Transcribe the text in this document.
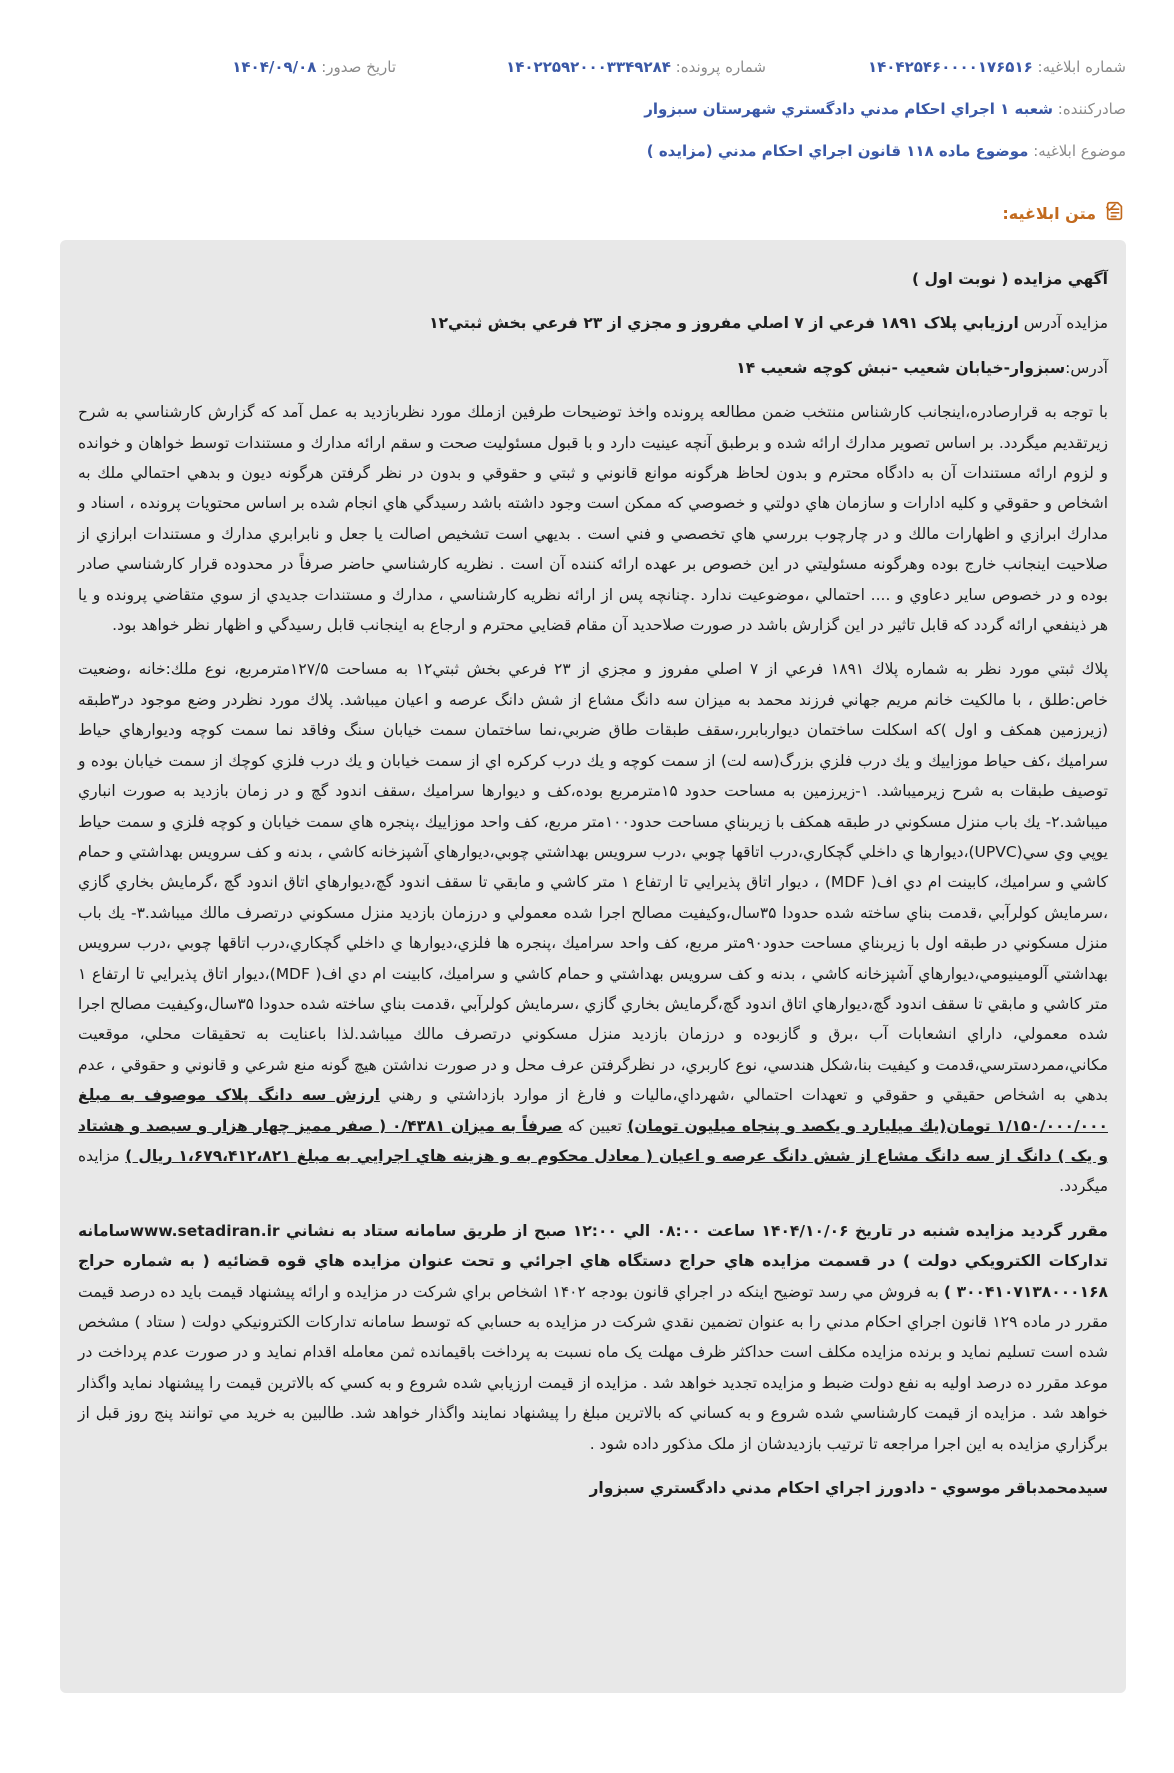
شماره ابلاغيه: ۱۴۰۴۲۵۴۶۰۰۰۰۱۷۶۵۱۶
شماره پرونده: ۱۴۰۲۲۵۹۲۰۰۰۳۳۴۹۲۸۴
تاريخ صدور: ۱۴۰۴/۰۹/۰۸
صادرکننده: شعبه ۱ اجراي احکام مدني دادگستري شهرستان سبزوار
موضوع ابلاغيه: موضوع ماده ۱۱۸ قانون اجراي احکام مدني (مزايده )
متن ابلاغيه:

آگهي مزايده ( نوبت اول )

مزايده آدرس ارزيابي پلاک ۱۸۹۱ فرعي از ۷ اصلي مفروز و مجزي از ۲۳ فرعي بخش ثبتي۱۲

آدرس:سبزوار-خيابان شعيب -نبش کوچه شعيب ۱۴

با توجه به قرارصادره،اينجانب کارشناس منتخب ضمن مطالعه پرونده واخذ توضيحات طرفين ازملك مورد نظربازديد به عمل آمد كه گزارش كارشناسي به شرح زيرتقديم ميگردد. بر اساس تصوير مدارك ارائه شده و برطبق آنچه عينيت دارد و با قبول مسئوليت صحت و سقم ارائه مدارك و مستندات توسط خواهان و خوانده و لزوم ارائه مستندات آن به دادگاه محترم و بدون لحاظ هرگونه موانع قانوني و ثبتي و حقوقي و بدون در نظر گرفتن هرگونه ديون و بدهي احتمالي ملك به اشخاص و حقوقي و كليه ادارات و سازمان هاي دولتي و خصوصي كه ممكن است وجود داشته باشد رسيدگي هاي انجام شده بر اساس محتويات پرونده ، اسناد و مدارك ابرازي و اظهارات مالك و در چارچوب بررسي هاي تخصصي و فني است . بديهي است تشخيص اصالت يا جعل و نابرابري مدارك و مستندات ابرازي از صلاحيت اينجانب خارج بوده وهرگونه مسئوليتي در اين خصوص بر عهده ارائه كننده آن است . نظريه كارشناسي حاضر صرفاً در محدوده قرار كارشناسي صادر بوده و در خصوص ساير دعاوي و .... احتمالي ،موضوعيت ندارد .چنانچه پس از ارائه نظريه كارشناسي ، مدارك و مستندات جديدي از سوي متقاضي پرونده و يا هر ذينفعي ارائه گردد كه قابل تاثير در اين گزارش باشد در صورت صلاحديد آن مقام قضايي محترم و ارجاع به اينجانب قابل رسيدگي و اظهار نظر خواهد بود.

پلاك ثبتي مورد نظر به شماره پلاك ۱۸۹۱ فرعي از ۷ اصلي مفروز و مجزي از ۲۳ فرعي بخش ثبتي۱۲ به مساحت ۱۲۷/۵مترمربع، نوع ملك:خانه ،وضعيت خاص:طلق ، با مالكيت خانم مريم جهاني فرزند محمد به ميزان سه دانگ مشاع از شش دانگ عرصه و اعيان ميباشد. پلاك مورد نظردر وضع موجود در۳طبقه (زيرزمين همكف و اول )كه اسكلت ساختمان ديواربابرر،سقف طبقات طاق ضربي،نما ساختمان سمت خيابان سنگ وفاقد نما سمت كوچه وديوارهاي حياط سراميك ،كف حياط موزاييك و يك درب فلزي بزرگ(سه لت) از سمت كوچه و يك درب كركره اي از سمت خيابان و يك درب فلزي كوچك از سمت خيابان بوده و توصيف طبقات به شرح زيرميباشد. ۱-زيرزمين به مساحت حدود ۱۵مترمربع بوده،كف و ديوارها سراميك ،سقف اندود گچ و در زمان بازديد به صورت انباري ميباشد.۲- يك باب منزل مسكوني در طبقه همكف با زيربناي مساحت حدود۱۰۰متر مربع، كف واحد موزاييك ،پنجره هاي سمت خيابان و كوچه فلزي و سمت حياط يوپي وي سي(UPVC)،ديوارها ي داخلي گچكاري،درب اتاقها چوبي ،درب سرويس بهداشتي چوبي،ديوارهاي آشپزخانه كاشي ، بدنه و كف سرويس بهداشتي و حمام كاشي و سراميك، كابينت ام دي اف( MDF) ، ديوار اتاق پذيرايي تا ارتفاع ۱ متر كاشي و مابقي تا سقف اندود گچ،ديوارهاي اتاق اندود گچ ،گرمايش بخاري گازي ،سرمايش كولرآبي ،قدمت بناي ساخته شده حدودا ۳۵سال،وكيفيت مصالح اجرا شده معمولي و درزمان بازديد منزل مسكوني درتصرف مالك ميباشد.۳- يك باب منزل مسكوني در طبقه اول با زيربناي مساحت حدود۹۰متر مربع، كف واحد سراميك ،پنجره ها فلزي،ديوارها ي داخلي گچكاري،درب اتاقها چوبي ،درب سرويس بهداشتي آلومينيومي،ديوارهاي آشپزخانه كاشي ، بدنه و كف سرويس بهداشتي و حمام كاشي و سراميك، كابينت ام دي اف( MDF)،ديوار اتاق پذيرايي تا ارتفاع ۱ متر كاشي و مابقي تا سقف اندود گچ،ديوارهاي اتاق اندود گچ،گرمايش بخاري گازي ،سرمايش كولرآبي ،قدمت بناي ساخته شده حدودا ۳۵سال،وكيفيت مصالح اجرا شده معمولي، داراي انشعابات آب ،برق و گازبوده و درزمان بازديد منزل مسكوني درتصرف مالك ميباشد.لذا باعنايت به تحقيقات محلي، موقعيت مكاني،ممردسترسي،قدمت و كيفيت بنا،شكل هندسي، نوع كاربري، در نظرگرفتن عرف محل و در صورت نداشتن هيچ گونه منع شرعي و قانوني و حقوقي ، عدم بدهي به اشخاص حقيقي و حقوقي و تعهدات احتمالي ،شهرداي،ماليات و فارغ از موارد بازداشتي و رهني ارزش سه دانگ پلاک موصوف به مبلغ ۱/۱۵۰/۰۰۰/۰۰۰ تومان(يك ميليارد و يكصد و پنجاه ميليون تومان) تعيين که صرفاً به ميزان ۰/۴۳۸۱ ( صفر مميز چهار هزار و سيصد و هشتاد و يک ) دانگ از سه دانگ مشاع از شش دانگ عرصه و اعيان ( معادل محکوم به و هزينه هاي اجرايي به مبلغ ۱،۶۷۹،۴۱۲،۸۲۱ ريال ) مزايده ميگردد.

مقرر گرديد مزايده شنبه در تاريخ ۱۴۰۴/۱۰/۰۶ ساعت ۰۸:۰۰ الي ۱۲:۰۰ صبح از طريق سامانه ستاد به نشاني www.setadiran.irسامانه تدارکات الکترويکي دولت ) در قسمت مزايده هاي حراج دستگاه هاي اجرائي و تحت عنوان مزايده هاي قوه قضائيه ( به شماره حراج ۳۰۰۴۱۰۷۱۳۸۰۰۰۱۶۸ ) به فروش مي رسد توضيح اينکه در اجراي قانون بودجه ۱۴۰۲ اشخاص براي شرکت در مزايده و ارائه پيشنهاد قيمت بايد ده درصد قيمت مقرر در ماده ۱۲۹ قانون اجراي احکام مدني را به عنوان تضمين نقدي شرکت در مزايده به حسابي که توسط سامانه تدارکات الکترونيکي دولت ( ستاد ) مشخص شده است تسليم نمايد و برنده مزايده مکلف است حداکثر ظرف مهلت يک ماه نسبت به پرداخت باقيمانده ثمن معامله اقدام نمايد و در صورت عدم پرداخت در موعد مقرر ده درصد اوليه به نفع دولت ضبط و مزايده تجديد خواهد شد . مزايده از قيمت ارزيابي شده شروع و به کسي که بالاترين قيمت را پيشنهاد نمايد واگذار خواهد شد . مزايده از قيمت كارشناسي شده شروع و به كساني كه بالاترين مبلغ را پيشنهاد نمايند واگذار خواهد شد. طالبين به خريد مي توانند پنج روز قبل از برگزاري مزايده به اين اجرا مراجعه تا ترتيب بازديدشان از ملک مذکور داده شود .

سيدمحمدباقر موسوي - دادورز اجراي احکام مدني دادگستري سبزوار
